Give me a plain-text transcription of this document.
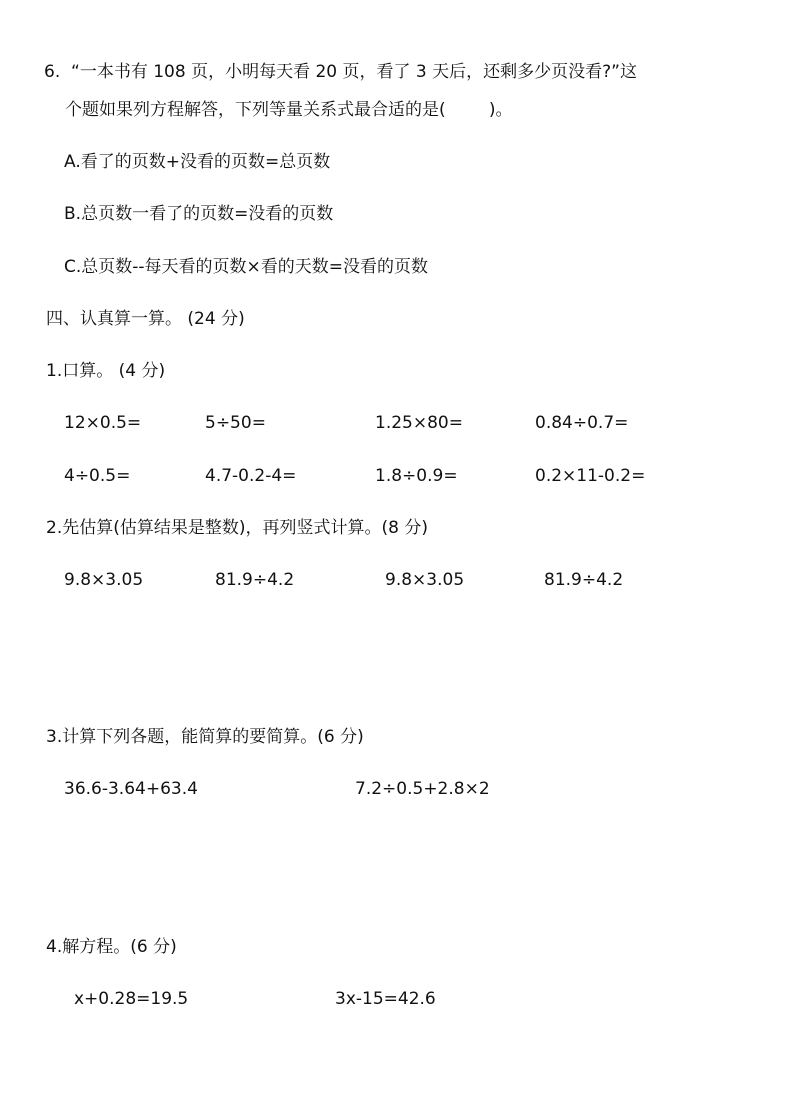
6.  “一本书有 108 页，小明每天看 20 页，看了 3 天后，还剩多少页没看?”这
个题如果列方程解答，下列等量关系式最合适的是(        )。
A.看了的页数+没看的页数=总页数
B.总页数一看了的页数=没看的页数
C.总页数--每天看的页数×看的天数=没看的页数
四、认真算一算。 (24 分)
1.口算。 (4 分)
12×0.5=	5÷50=	1.25×80=	0.84÷0.7=
4÷0.5=	4.7-0.2-4=	1.8÷0.9=	0.2×11-0.2=
2.先估算(估算结果是整数)，再列竖式计算。(8 分)
9.8×3.05	81.9÷4.2	9.8×3.05	81.9÷4.2
3.计算下列各题，能简算的要简算。(6 分)
36.6-3.64+63.4	7.2÷0.5+2.8×2
4.解方程。(6 分)
x+0.28=19.5	3x-15=42.6
